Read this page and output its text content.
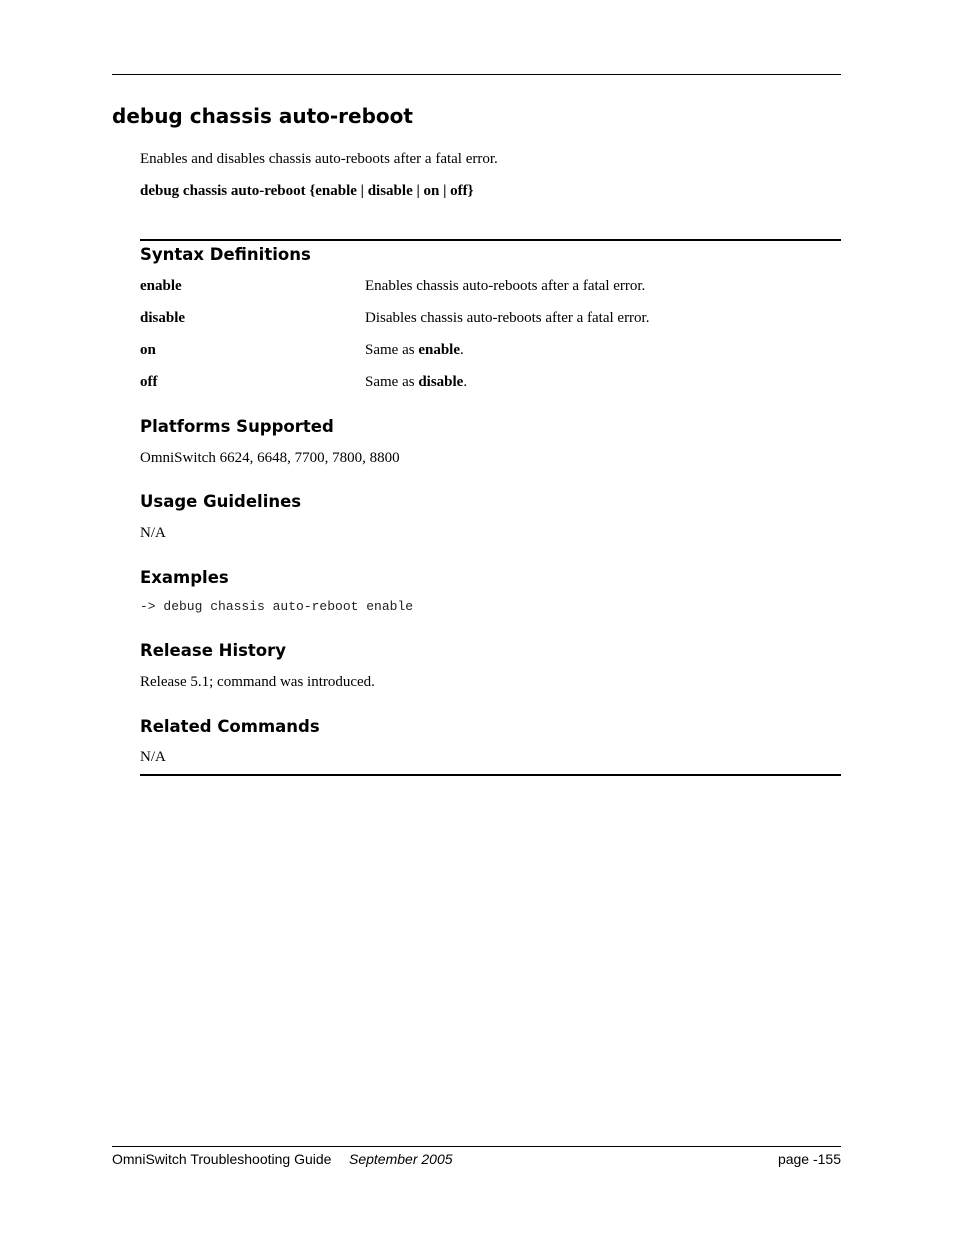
debug chassis auto-reboot
Enables and disables chassis auto-reboots after a fatal error.
debug chassis auto-reboot {enable | disable | on | off}
Syntax Definitions
enable	Enables chassis auto-reboots after a fatal error.
disable	Disables chassis auto-reboots after a fatal error.
on	Same as enable.
off	Same as disable.
Platforms Supported
OmniSwitch 6624, 6648, 7700, 7800, 8800
Usage Guidelines
N/A
Examples
-> debug chassis auto-reboot enable
Release History
Release 5.1; command was introduced.
Related Commands
N/A
OmniSwitch Troubleshooting Guide September 2005	page -155
